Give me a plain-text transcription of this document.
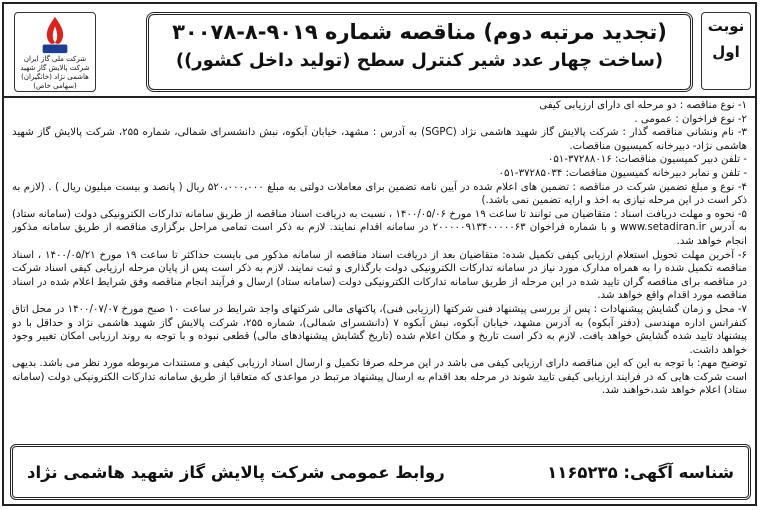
نوبت
اول
(تجدید مرتبه دوم) مناقصه شماره ۹۰۱۹-۸-۳۰۰۷۸
(ساخت چهار عدد شیر کنترل سطح (تولید داخل کشور))
شرکت ملی گاز ایران
شرکت پالایش گاز شهید هاشمی نژاد (خانگیران)
(سهامی خاص)

۱- نوع مناقصه : دو مرحله ای دارای ارزیابی کیفی

۲- نوع فراخوان : عمومی .

۳- نام ونشانی مناقصه گذار : شرکت پالایش گاز شهید هاشمی نژاد (SGPC) به آدرس : مشهد، خیابان آبکوه، نبش دانشسرای شمالی، شماره ۲۵۵، شرکت پالایش گاز شهید هاشمی نژاد- دبیرخانه کمیسیون مناقصات.

- تلفن دبیر کمیسیون مناقصات: ۳۷۲۸۸۰۱۶-۰۵۱

- تلفن و نمابر دبیرخانه کمیسیون مناقصات: ۳۷۲۸۵۰۳۴-۰۵۱

۴- نوع و مبلغ تضمین شرکت در مناقصه : تضمین های اعلام شده در آیین نامه تضمین برای معاملات دولتی به مبلغ ۵۲۰،۰۰۰،۰۰۰ ریال ( پانصد و بیست میلیون ریال ) . (لازم به ذکر است در این مرحله نیازی به اخذ و ارایه تضمین نمی باشد.)

۵- نحوه و مهلت دریافت اسناد : متقاضیان می توانند تا ساعت ۱۹ مورخ ۱۴۰۰/۰۵/۰۶ ، نسبت به دریافت اسناد مناقصه از طریق سامانه تدارکات الکترونیکی دولت (سامانه ستاد) به آدرس www.setadiran.ir و با شماره فراخوان ۲۰۰۰۰۰۹۱۳۴۰۰۰۰۰۶۳ در سامانه اقدام نمایند. لازم به ذکر است تمامی مراحل برگزاری مناقصه از طریق سامانه مذکور انجام خواهد شد.

۶- آخرین مهلت تحویل استعلام ارزیابی کیفی تکمیل شده: متقاضیان بعد از دریافت اسناد مناقصه از سامانه مذکور می بایست حداکثر تا ساعت ۱۹ مورخ ۱۴۰۰/۰۵/۲۱ ، اسناد مناقصه تکمیل شده را به همراه مدارک مورد نیاز در سامانه تدارکات الکترونیکی دولت بارگذاری و ثبت نمایند. لازم به ذکر است پس از پایان مرحله ارزیابی کیفی اسناد شرکت در مناقصه برای مناقصه گران تایید شده در این مرحله از طریق سامانه تدارکات الکترونیکی دولت (سامانه ستاد) ارسال و فرآیند انجام مناقصه وفق شرایط اعلام شده در اسناد مناقصه مورد اقدام واقع خواهد شد.

۷- محل و زمان گشایش پیشنهادات : پس از بررسی پیشنهاد فنی شرکتها (ارزیابی فنی)، پاکتهای مالی شرکتهای واجد شرایط در ساعت ۱۰ صبح مورخ ۱۴۰۰/۰۷/۰۷ در محل اتاق کنفرانس اداره مهندسی (دفتر آبکوه) به آدرس مشهد، خیابان آبکوه، نبش آبکوه ۷ (دانشسرای شمالی)، شماره ۲۵۵، شرکت پالایش گاز شهید هاشمی نژاد و حداقل با دو پیشنهاد تایید شده گشایش خواهد یافت. لازم به ذکر است تاریخ و مکان اعلام شده (تاریخ گشایش پیشنهادهای مالی) قطعی نبوده و با توجه به روند ارزیابی امکان تغییر وجود خواهد داشت.

توضیح مهم: با توجه به این که این مناقصه دارای ارزیابی کیفی می باشد در این مرحله صرفا تکمیل و ارسال اسناد ارزیابی کیفی و مستندات مربوطه مورد نظر می باشد. بدیهی است شرکت هایی که در فرایند ارزیابی کیفی تایید شوند در مرحله بعد اقدام به ارسال پیشنهاد مرتبط در مواعدی که متعاقبا از طریق سامانه تدارکات الکترونیکی دولت (سامانه ستاد) اعلام خواهد شد،خواهند شد.

شناسه آگهی: ۱۱۶۵۲۳۵
روابط عمومی شرکت پالایش گاز شهید هاشمی نژاد
